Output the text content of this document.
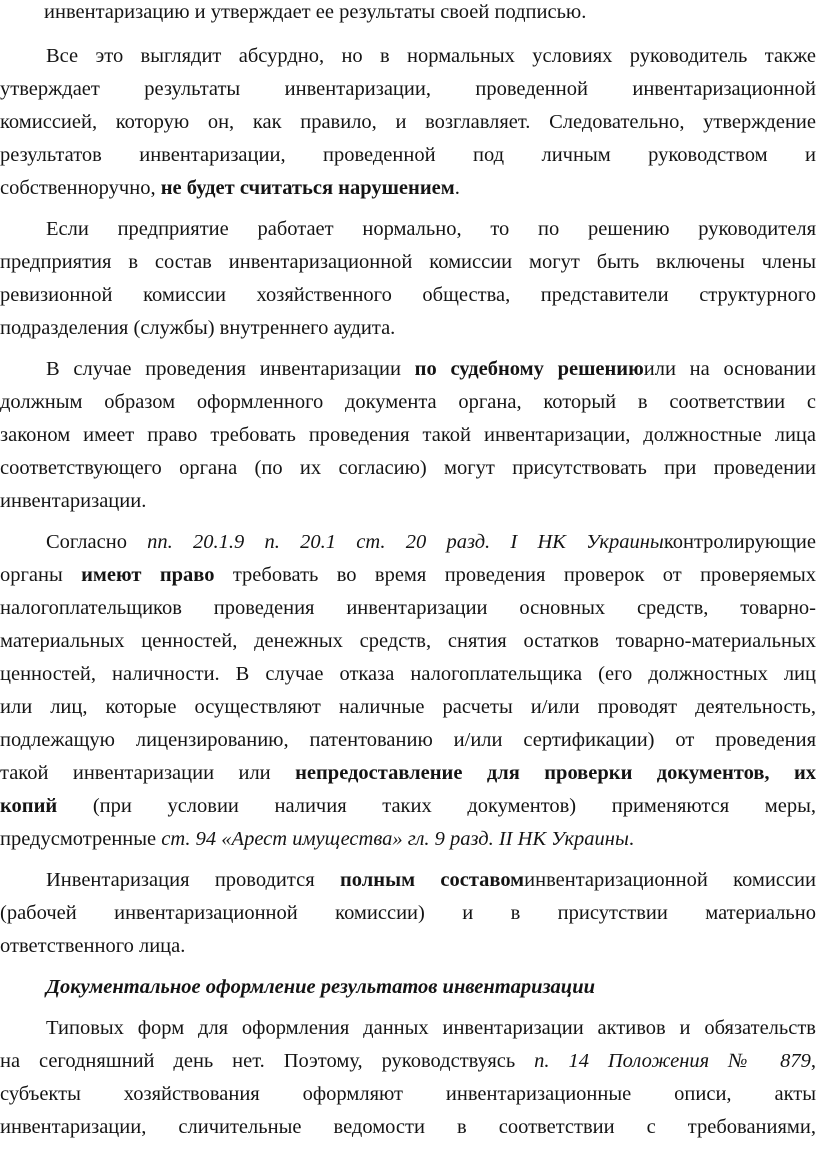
инвентаризацию и утверждает ее результаты своей подписью.
Все это выглядит абсурдно, но в нормальных условиях руководитель также
утверждает результаты инвентаризации, проведенной инвентаризационной
комиссией, которую он, как правило, и возглавляет. Следовательно, утверждение
результатов инвентаризации, проведенной под личным руководством и
собственноручно, не будет считаться нарушением.
Если предприятие работает нормально, то по решению руководителя
предприятия в состав инвентаризационной комиссии могут быть включены члены
ревизионной комиссии хозяйственного общества, представители структурного
подразделения (службы) внутреннего аудита.
В случае проведения инвентаризации по судебному решениюили на основании
должным образом оформленного документа органа, который в соответствии с
законом имеет право требовать проведения такой инвентаризации, должностные лица
соответствующего органа (по их согласию) могут присутствовать при проведении
инвентаризации.
Согласно пп. 20.1.9 п. 20.1 ст. 20 разд. I НК Украиныконтролирующие
органы имеют право требовать во время проведения проверок от проверяемых
налогоплательщиков проведения инвентаризации основных средств, товарно-
материальных ценностей, денежных средств, снятия остатков товарно-материальных
ценностей, наличности. В случае отказа налогоплательщика (его должностных лиц
или лиц, которые осуществляют наличные расчеты и/или проводят деятельность,
подлежащую лицензированию, патентованию и/или сертификации) от проведения
такой инвентаризации или непредоставление для проверки документов, их
копий (при условии наличия таких документов) применяются меры,
предусмотренные ст. 94 «Арест имущества» гл. 9 разд. II НК Украины.
Инвентаризация проводится полным составоминвентаризационной комиссии
(рабочей инвентаризационной комиссии) и в присутствии материально
ответственного лица.
Документальное оформление результатов инвентаризации
Типовых форм для оформления данных инвентаризации активов и обязательств
на сегодняшний день нет. Поэтому, руководствуясь п. 14 Положения № 879,
субъекты хозяйствования оформляют инвентаризационные описи, акты
инвентаризации, сличительные ведомости в соответствии с требованиями,
